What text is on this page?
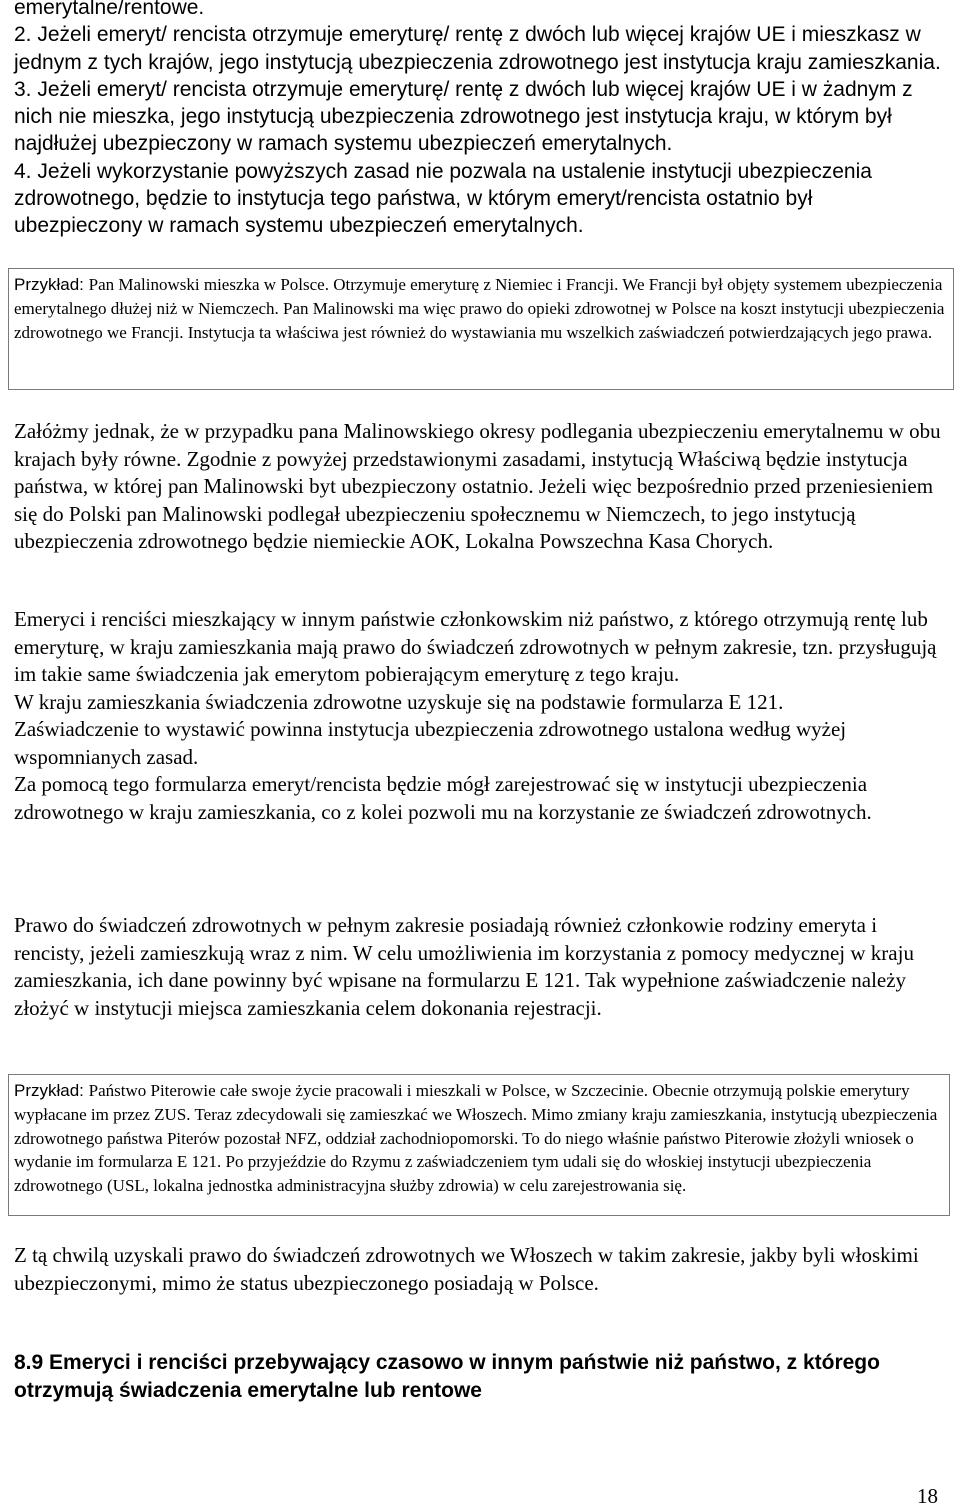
emerytalne/rentowe.

2. Jeżeli emeryt/ rencista otrzymuje emeryturę/ rentę z dwóch lub więcej krajów UE i mieszkasz w jednym z tych krajów, jego instytucją ubezpieczenia zdrowotnego jest instytucja kraju zamieszkania.

3. Jeżeli emeryt/ rencista otrzymuje emeryturę/ rentę z dwóch lub więcej krajów UE i w żadnym z nich nie mieszka, jego instytucją ubezpieczenia zdrowotnego jest instytucja kraju, w którym był najdłużej ubezpieczony w ramach systemu ubezpieczeń emerytalnych.

4. Jeżeli wykorzystanie powyższych zasad nie pozwala na ustalenie instytucji ubezpieczenia zdrowotnego, będzie to instytucja tego państwa, w którym emeryt/rencista ostatnio był ubezpieczony w ramach systemu ubezpieczeń emerytalnych.

Przykład: Pan Malinowski mieszka w Polsce. Otrzymuje emeryturę z Niemiec i Francji. We Francji był objęty systemem ubezpieczenia emerytalnego dłużej niż w Niemczech. Pan Malinowski ma więc prawo do opieki zdrowotnej w Polsce na koszt instytucji ubezpieczenia zdrowotnego we Francji. Instytucja ta właściwa jest również do wystawiania mu wszelkich zaświadczeń potwierdzających jego prawa.

Załóżmy jednak, że w przypadku pana Malinowskiego okresy podlegania ubezpieczeniu emerytalnemu w obu krajach były równe. Zgodnie z powyżej przedstawionymi zasadami, instytucją Właściwą będzie instytucja państwa, w której pan Malinowski byt ubezpieczony ostatnio. Jeżeli więc bezpośrednio przed przeniesieniem się do Polski pan Malinowski podlegał ubezpieczeniu społecznemu w Niemczech, to jego instytucją ubezpieczenia zdrowotnego będzie niemieckie AOK, Lokalna Powszechna Kasa Chorych.

Emeryci i renciści mieszkający w innym państwie członkowskim niż państwo, z którego otrzymują rentę lub emeryturę, w kraju zamieszkania mają prawo do świadczeń zdrowotnych w pełnym zakresie, tzn. przysługują im takie same świadczenia jak emerytom pobierającym emeryturę z tego kraju.

W kraju zamieszkania świadczenia zdrowotne uzyskuje się na podstawie formularza E 121.

Zaświadczenie to wystawić powinna instytucja ubezpieczenia zdrowotnego ustalona według wyżej wspomnianych zasad.

Za pomocą tego formularza emeryt/rencista będzie mógł zarejestrować się w instytucji ubezpieczenia zdrowotnego w kraju zamieszkania, co z kolei pozwoli mu na korzystanie ze świadczeń zdrowotnych.

Prawo do świadczeń zdrowotnych w pełnym zakresie posiadają również członkowie rodziny emeryta i rencisty, jeżeli zamieszkują wraz z nim. W celu umożliwienia im korzystania z pomocy medycznej w kraju zamieszkania, ich dane powinny być wpisane na formularzu E 121. Tak wypełnione zaświadczenie należy złożyć w instytucji miejsca zamieszkania celem dokonania rejestracji.

Przykład: Państwo Piterowie całe swoje życie pracowali i mieszkali w Polsce, w Szczecinie. Obecnie otrzymują polskie emerytury wypłacane im przez ZUS. Teraz zdecydowali się zamieszkać we Włoszech. Mimo zmiany kraju zamieszkania, instytucją ubezpieczenia zdrowotnego państwa Piterów pozostał NFZ, oddział zachodniopomorski. To do niego właśnie państwo Piterowie złożyli wniosek o wydanie im formularza E 121. Po przyjeździe do Rzymu z zaświadczeniem tym udali się do włoskiej instytucji ubezpieczenia zdrowotnego (USL, lokalna jednostka administracyjna służby zdrowia) w celu zarejestrowania się.

Z tą chwilą uzyskali prawo do świadczeń zdrowotnych we Włoszech w takim zakresie, jakby byli włoskimi ubezpieczonymi, mimo że status ubezpieczonego posiadają w Polsce.

8.9 Emeryci i renciści przebywający czasowo w innym państwie niż państwo, z którego otrzymują świadczenia emerytalne lub rentowe
18
